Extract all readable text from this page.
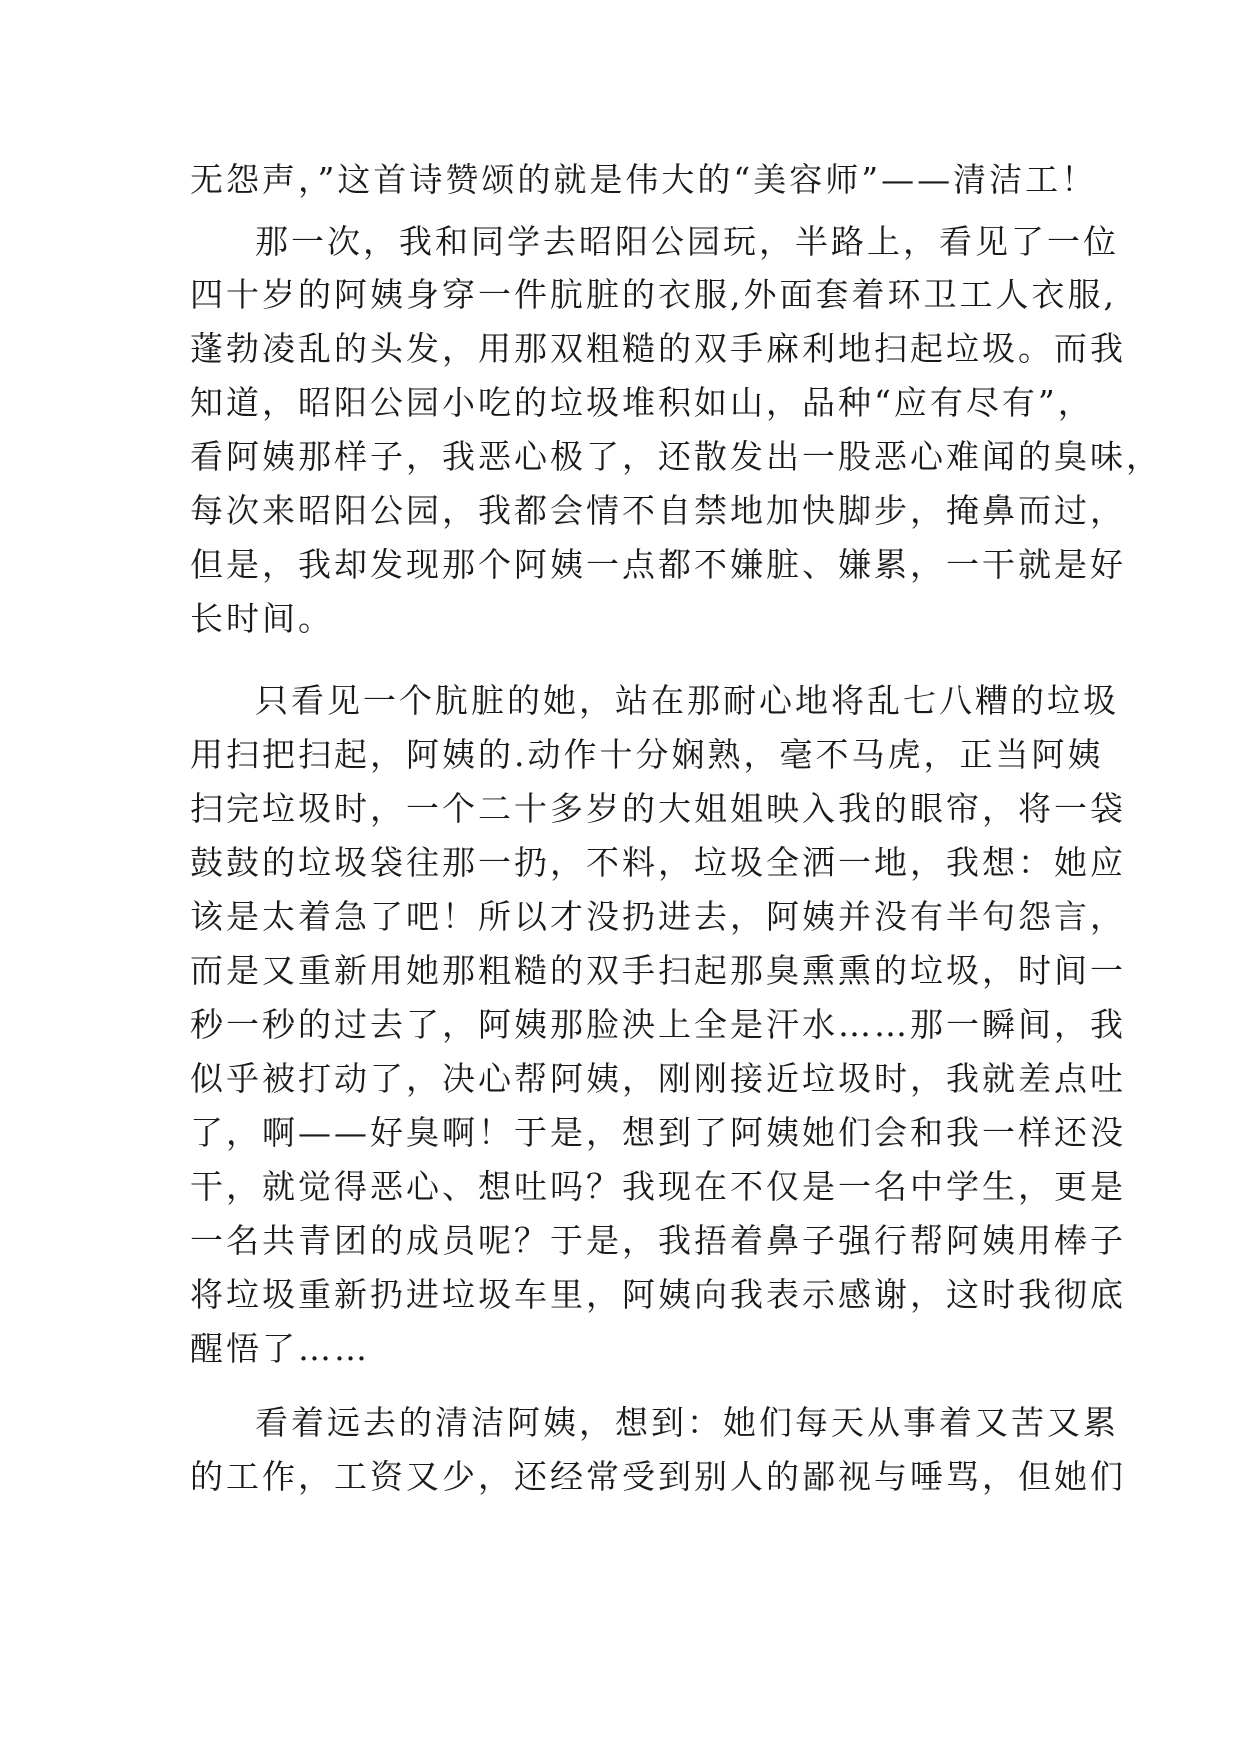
无怨声，”这首诗赞颂的就是伟大的“美容师”——清洁工！

那一次，我和同学去昭阳公园玩，半路上，看见了一位

四十岁的阿姨身穿一件肮脏的衣服,外面套着环卫工人衣服,

蓬勃凌乱的头发，用那双粗糙的双手麻利地扫起垃圾。而我

知道，昭阳公园小吃的垃圾堆积如山，品种“应有尽有”，

看阿姨那样子，我恶心极了，还散发出一股恶心难闻的臭味，

每次来昭阳公园，我都会情不自禁地加快脚步，掩鼻而过，

但是，我却发现那个阿姨一点都不嫌脏、嫌累，一干就是好

长时间。

只看见一个肮脏的她，站在那耐心地将乱七八糟的垃圾

用扫把扫起，阿姨的.动作十分娴熟，毫不马虎，正当阿姨

扫完垃圾时，一个二十多岁的大姐姐映入我的眼帘，将一袋

鼓鼓的垃圾袋往那一扔，不料，垃圾全洒一地，我想：她应

该是太着急了吧！所以才没扔进去，阿姨并没有半句怨言，

而是又重新用她那粗糙的双手扫起那臭熏熏的垃圾，时间一

秒一秒的过去了，阿姨那脸泱上全是汗水……那一瞬间，我

似乎被打动了，决心帮阿姨，刚刚接近垃圾时，我就差点吐

了，啊——好臭啊！于是，想到了阿姨她们会和我一样还没

干，就觉得恶心、想吐吗？我现在不仅是一名中学生，更是

一名共青团的成员呢？于是，我捂着鼻子强行帮阿姨用棒子

将垃圾重新扔进垃圾车里，阿姨向我表示感谢，这时我彻底

醒悟了……

看着远去的清洁阿姨，想到：她们每天从事着又苦又累

的工作，工资又少，还经常受到别人的鄙视与唾骂，但她们
